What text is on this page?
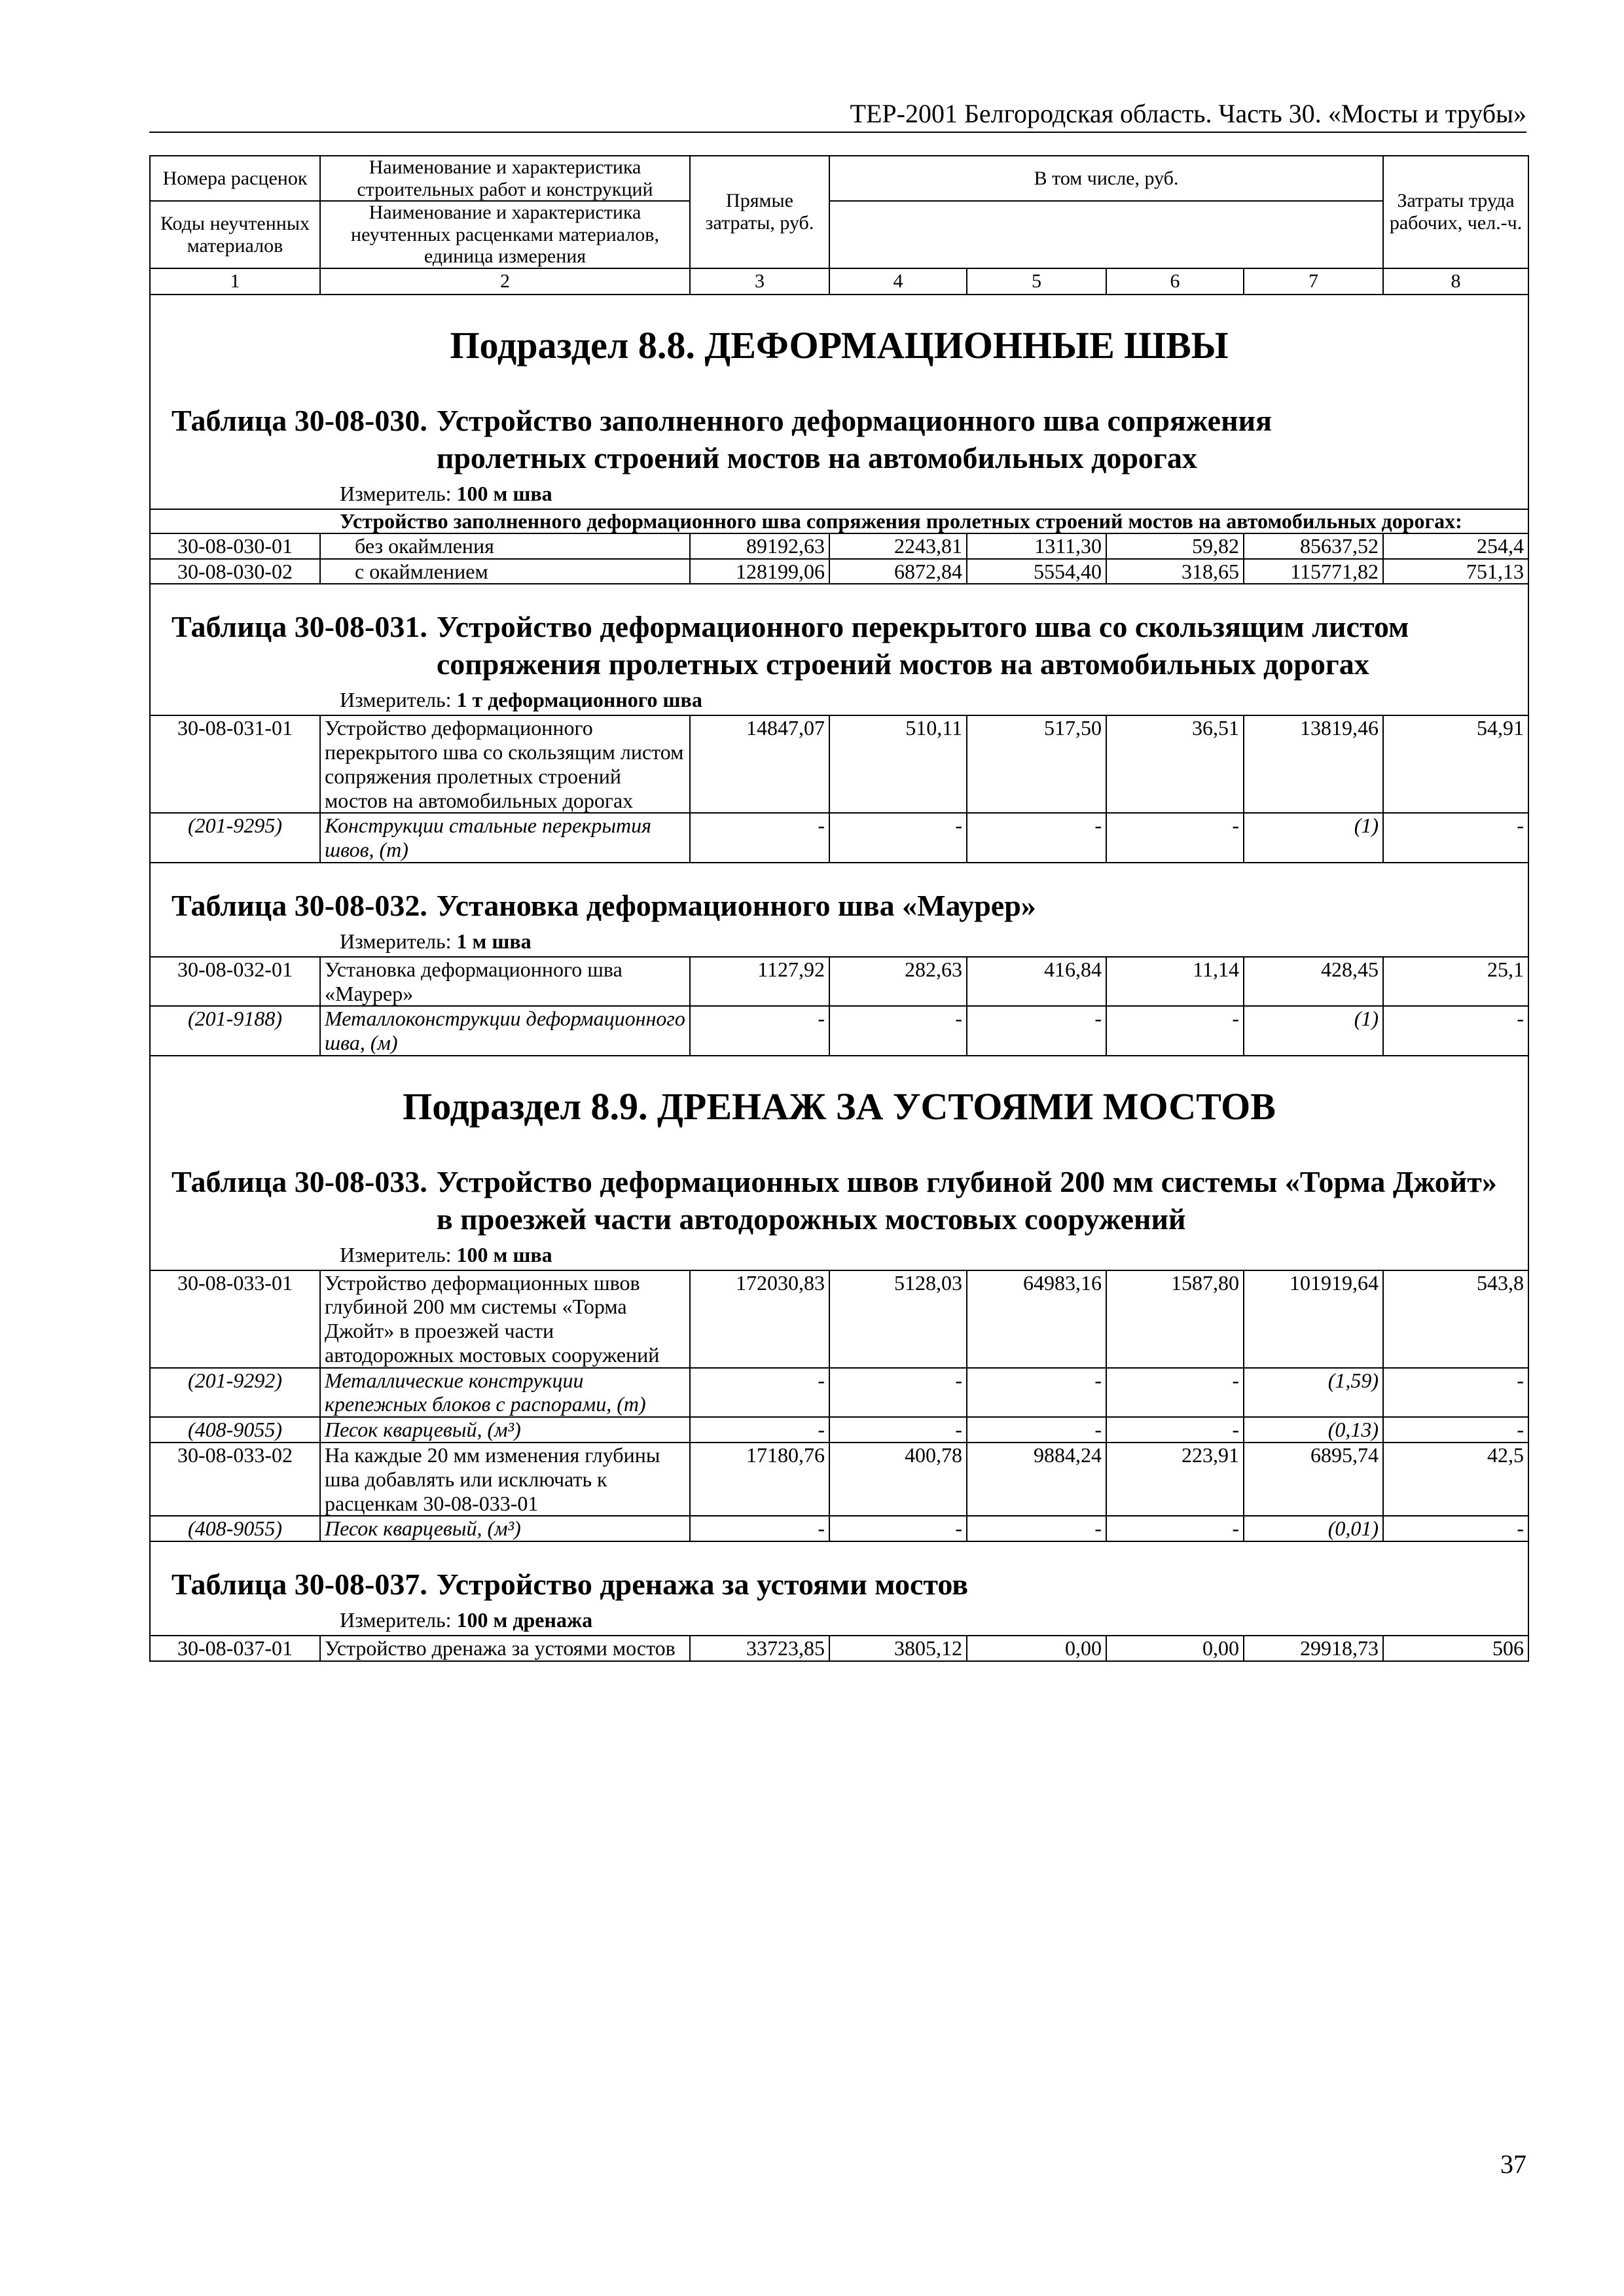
ТЕР-2001 Белгородская область. Часть 30. «Мосты и трубы»
Номера расценок	Наименование и характеристика строительных работ и конструкций	Прямые затраты, руб.	В том числе, руб.				Затраты труда рабочих, чел.-ч.
Коды неучтенных материалов	Наименование и характеристика неучтенных расценками материалов, единица измерения						

1	2	3	4	5	6	7	8

Подраздел 8.8. ДЕФОРМАЦИОННЫЕ ШВЫ
Таблица 30-08-030. Устройство заполненного деформационного шва сопряжения пролетных строений мостов на автомобильных дорогах
Измеритель: 100 м шва							

	Устройство заполненного деформационного шва сопряжения пролетных строений мостов на автомобильных дорогах:						
30-08-030-01	без окаймления	89192,63	2243,81	1311,30	59,82	85637,52	254,4
30-08-030-02	с окаймлением	128199,06	6872,84	5554,40	318,65	115771,82	751,13

Таблица 30-08-031. Устройство деформационного перекрытого шва со скользящим листом сопряжения пролетных строений мостов на автомобильных дорогах
Измеритель: 1 т деформационного шва							

30-08-031-01	Устройство деформационного перекрытого шва со скользящим листом сопряжения пролетных строений мостов на автомобильных дорогах	14847,07	510,11	517,50	36,51	13819,46	54,91
(201-9295)	Конструкции стальные перекрытия швов, (т)	-	-	-	-	(1)	-

Таблица 30-08-032. Установка деформационного шва «Маурер»
Измеритель: 1 м шва							

30-08-032-01	Установка деформационного шва «Маурер»	1127,92	282,63	416,84	11,14	428,45	25,1
(201-9188)	Металлоконструкции деформационного шва, (м)	-	-	-	-	(1)	-

Подраздел 8.9. ДРЕНАЖ ЗА УСТОЯМИ МОСТОВ
Таблица 30-08-033. Устройство деформационных швов глубиной 200 мм системы «Торма Джойт» в проезжей части автодорожных мостовых сооружений
Измеритель: 100 м шва							

30-08-033-01	Устройство деформационных швов глубиной 200 мм системы «Торма Джойт» в проезжей части автодорожных мостовых сооружений	172030,83	5128,03	64983,16	1587,80	101919,64	543,8
(201-9292)	Металлические конструкции крепежных блоков с распорами, (т)	-	-	-	-	(1,59)	-
(408-9055)	Песок кварцевый, (м³)	-	-	-	-	(0,13)	-
30-08-033-02	На каждые 20 мм изменения глубины шва добавлять или исключать к расценкам 30-08-033-01	17180,76	400,78	9884,24	223,91	6895,74	42,5
(408-9055)	Песок кварцевый, (м³)	-	-	-	-	(0,01)	-

Таблица 30-08-037. Устройство дренажа за устоями мостов
Измеритель: 100 м дренажа							

30-08-037-01	Устройство дренажа за устоями мостов	33723,85	3805,12	0,00	0,00	29918,73	506
37
